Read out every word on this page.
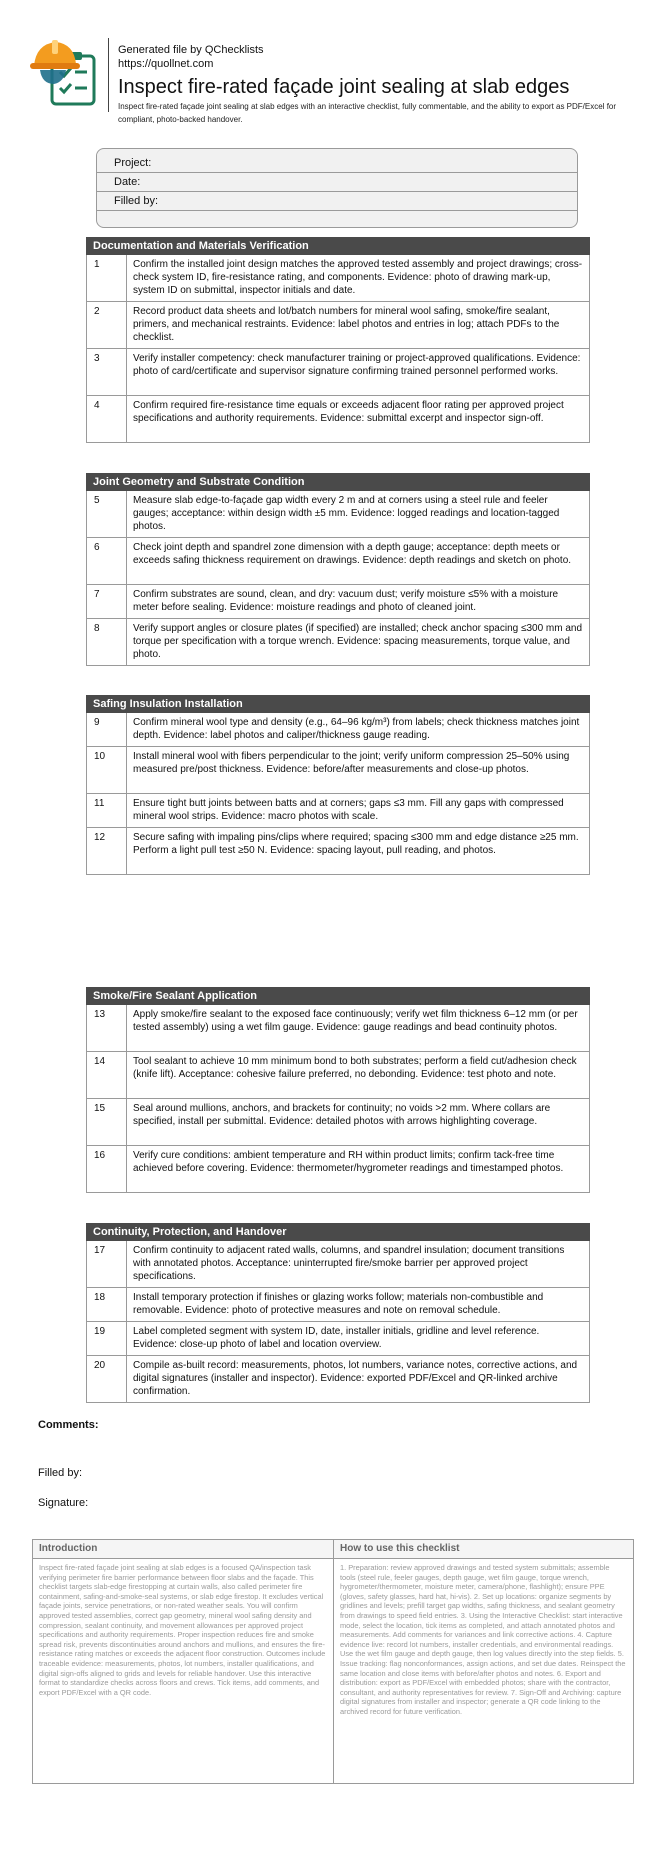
Generated file by QChecklists
https://quollnet.com
Inspect fire-rated façade joint sealing at slab edges
Inspect fire-rated façade joint sealing at slab edges with an interactive checklist, fully commentable, and the ability to export as PDF/Excel for compliant, photo-backed handover.
Project:
Date:
Filled by:
Documentation and Materials Verification
1	Confirm the installed joint design matches the approved tested assembly and project drawings; cross-check system ID, fire-resistance rating, and components. Evidence: photo of drawing mark-up, system ID on submittal, inspector initials and date.
2	Record product data sheets and lot/batch numbers for mineral wool safing, smoke/fire sealant, primers, and mechanical restraints. Evidence: label photos and entries in log; attach PDFs to the checklist.
3	Verify installer competency: check manufacturer training or project-approved qualifications. Evidence: photo of card/certificate and supervisor signature confirming trained personnel performed works.
4	Confirm required fire-resistance time equals or exceeds adjacent floor rating per approved project specifications and authority requirements. Evidence: submittal excerpt and inspector sign-off.
Joint Geometry and Substrate Condition
5	Measure slab edge-to-façade gap width every 2 m and at corners using a steel rule and feeler gauges; acceptance: within design width ±5 mm. Evidence: logged readings and location-tagged photos.
6	Check joint depth and spandrel zone dimension with a depth gauge; acceptance: depth meets or exceeds safing thickness requirement on drawings. Evidence: depth readings and sketch on photo.
7	Confirm substrates are sound, clean, and dry: vacuum dust; verify moisture ≤5% with a moisture meter before sealing. Evidence: moisture readings and photo of cleaned joint.
8	Verify support angles or closure plates (if specified) are installed; check anchor spacing ≤300 mm and torque per specification with a torque wrench. Evidence: spacing measurements, torque value, and photo.
Safing Insulation Installation
9	Confirm mineral wool type and density (e.g., 64–96 kg/m³) from labels; check thickness matches joint depth. Evidence: label photos and caliper/thickness gauge reading.
10	Install mineral wool with fibers perpendicular to the joint; verify uniform compression 25–50% using measured pre/post thickness. Evidence: before/after measurements and close-up photos.
11	Ensure tight butt joints between batts and at corners; gaps ≤3 mm. Fill any gaps with compressed mineral wool strips. Evidence: macro photos with scale.
12	Secure safing with impaling pins/clips where required; spacing ≤300 mm and edge distance ≥25 mm. Perform a light pull test ≥50 N. Evidence: spacing layout, pull reading, and photos.
Smoke/Fire Sealant Application
13	Apply smoke/fire sealant to the exposed face continuously; verify wet film thickness 6–12 mm (or per tested assembly) using a wet film gauge. Evidence: gauge readings and bead continuity photos.
14	Tool sealant to achieve 10 mm minimum bond to both substrates; perform a field cut/adhesion check (knife lift). Acceptance: cohesive failure preferred, no debonding. Evidence: test photo and note.
15	Seal around mullions, anchors, and brackets for continuity; no voids >2 mm. Where collars are specified, install per submittal. Evidence: detailed photos with arrows highlighting coverage.
16	Verify cure conditions: ambient temperature and RH within product limits; confirm tack-free time achieved before covering. Evidence: thermometer/hygrometer readings and timestamped photos.
Continuity, Protection, and Handover
17	Confirm continuity to adjacent rated walls, columns, and spandrel insulation; document transitions with annotated photos. Acceptance: uninterrupted fire/smoke barrier per approved project specifications.
18	Install temporary protection if finishes or glazing works follow; materials non-combustible and removable. Evidence: photo of protective measures and note on removal schedule.
19	Label completed segment with system ID, date, installer initials, gridline and level reference. Evidence: close-up photo of label and location overview.
20	Compile as-built record: measurements, photos, lot numbers, variance notes, corrective actions, and digital signatures (installer and inspector). Evidence: exported PDF/Excel and QR-linked archive confirmation.
Comments:
Filled by:
Signature:
Introduction
Inspect fire-rated façade joint sealing at slab edges is a focused QA/inspection task verifying perimeter fire barrier performance between floor slabs and the façade. This checklist targets slab-edge firestopping at curtain walls, also called perimeter fire containment, safing-and-smoke-seal systems, or slab edge firestop. It excludes vertical façade joints, service penetrations, or non-rated weather seals. You will confirm approved tested assemblies, correct gap geometry, mineral wool safing density and compression, sealant continuity, and movement allowances per approved project specifications and authority requirements. Proper inspection reduces fire and smoke spread risk, prevents discontinuities around anchors and mullions, and ensures the fire-resistance rating matches or exceeds the adjacent floor construction. Outcomes include traceable evidence: measurements, photos, lot numbers, installer qualifications, and digital sign-offs aligned to grids and levels for reliable handover. Use this interactive format to standardize checks across floors and crews. Tick items, add comments, and export PDF/Excel with a QR code.
How to use this checklist
1. Preparation: review approved drawings and tested system submittals; assemble tools (steel rule, feeler gauges, depth gauge, wet film gauge, torque wrench, hygrometer/thermometer, moisture meter, camera/phone, flashlight); ensure PPE (gloves, safety glasses, hard hat, hi-vis). 2. Set up locations: organize segments by gridlines and levels; prefill target gap widths, safing thickness, and sealant geometry from drawings to speed field entries. 3. Using the Interactive Checklist: start interactive mode, select the location, tick items as completed, and attach annotated photos and measurements. Add comments for variances and link corrective actions. 4. Capture evidence live: record lot numbers, installer credentials, and environmental readings. Use the wet film gauge and depth gauge, then log values directly into the step fields. 5. Issue tracking: flag nonconformances, assign actions, and set due dates. Reinspect the same location and close items with before/after photos and notes. 6. Export and distribution: export as PDF/Excel with embedded photos; share with the contractor, consultant, and authority representatives for review. 7. Sign-Off and Archiving: capture digital signatures from installer and inspector; generate a QR code linking to the archived record for future verification.
